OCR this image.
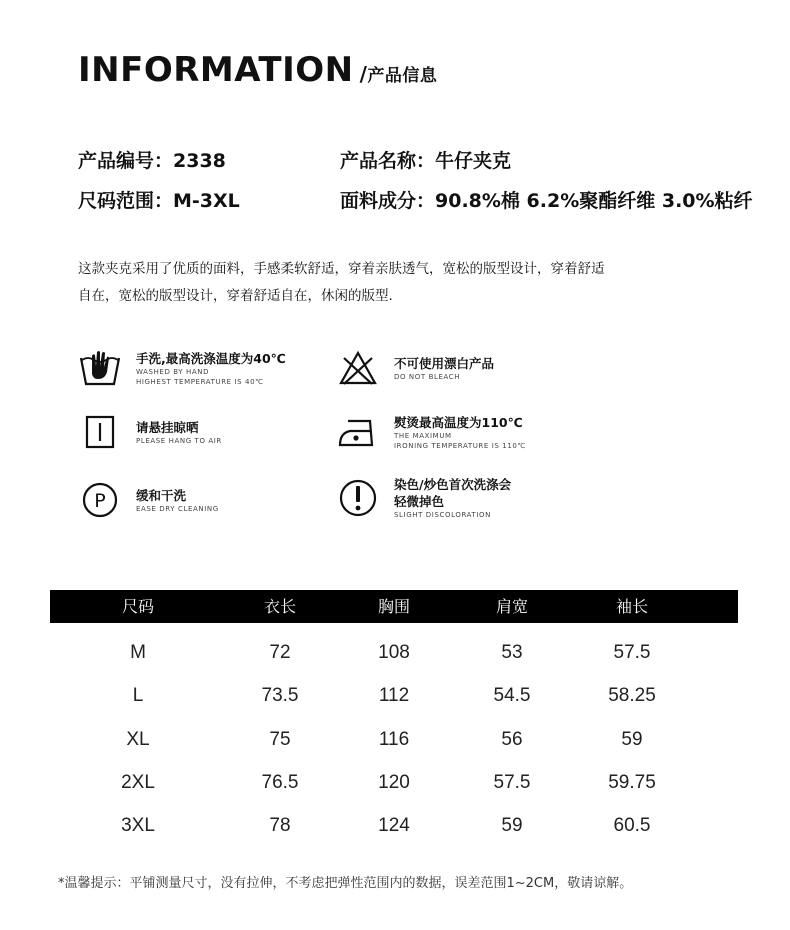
INFORMATION /产品信息
产品编号：2338	产品名称：牛仔夹克
尺码范围：M-3XL	面料成分：90.8%棉 6.2%聚酯纤维 3.0%粘纤
这款夹克采用了优质的面料，手感柔软舒适，穿着亲肤透气，宽松的版型设计，穿着舒适
自在，宽松的版型设计，穿着舒适自在，休闲的版型.
手洗,最高洗涤温度为40℃
WASHED BY HAND
HIGHEST TEMPERATURE IS 40℃
不可使用漂白产品
DO NOT BLEACH
请悬挂晾晒
PLEASE HANG TO AIR
熨烫最高温度为110℃
THE MAXIMUM
IRONING TEMPERATURE IS 110℃
P 缓和干洗
EASE DRY CLEANING
染色/炒色首次洗涤会
轻微掉色
SLIGHT DISCOLORATION
尺码	衣长	胸围	肩宽	袖长
M	72	108	53	57.5
L	73.5	112	54.5	58.25
XL	75	116	56	59
2XL	76.5	120	57.5	59.75
3XL	78	124	59	60.5
*温馨提示：平铺测量尺寸，没有拉伸，不考虑把弹性范围内的数据，误差范围1~2CM，敬请谅解。
